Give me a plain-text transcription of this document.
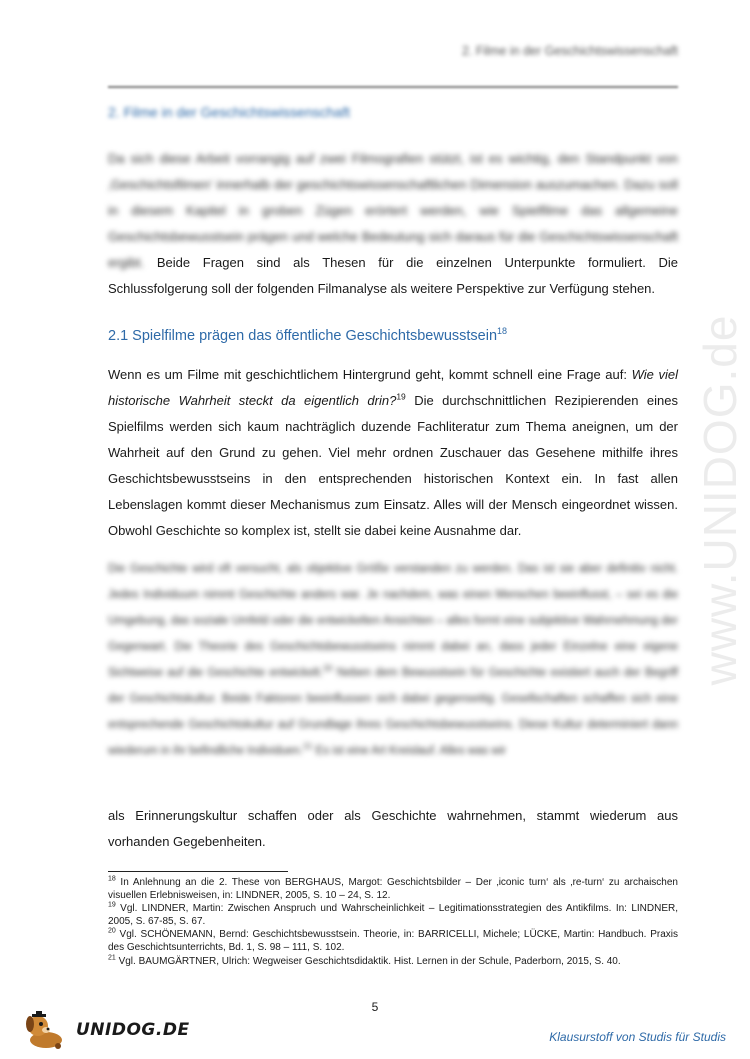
www.UNIDOG.de
2. Filme in der Geschichtswissenschaft
2. Filme in der Geschichtswissenschaft

Da sich diese Arbeit vorrangig auf zwei Filmografien stützt, ist es wichtig, den Standpunkt von ‚Geschichtsfilmen‘ innerhalb der geschichtswissenschaftlichen Dimension auszumachen. Dazu soll in diesem Kapitel in groben Zügen erörtert werden, wie Spielfilme das allgemeine Geschichtsbewusstsein prägen und welche Bedeutung sich daraus für die Geschichtswissenschaft ergibt. Beide Fragen sind als Thesen für die einzelnen Unterpunkte formuliert. Die Schlussfolgerung soll der folgenden Filmanalyse als weitere Perspektive zur Verfügung stehen.

2.1 Spielfilme prägen das öffentliche Geschichtsbewusstsein$^{18}$

Wenn es um Filme mit geschichtlichem Hintergrund geht, kommt schnell eine Frage auf: Wie viel historische Wahrheit steckt da eigentlich drin?$^{19}$ Die durchschnittlichen Rezipierenden eines Spielfilms werden sich kaum nachträglich duzende Fachliteratur zum Thema aneignen, um der Wahrheit auf den Grund zu gehen. Viel mehr ordnen Zuschauer das Gesehene mithilfe ihres Geschichtsbewusstseins in den entsprechenden historischen Kontext ein. In fast allen Lebenslagen kommt dieser Mechanismus zum Einsatz. Alles will der Mensch eingeordnet wissen. Obwohl Geschichte so komplex ist, stellt sie dabei keine Ausnahme dar.

Die Geschichte wird oft versucht, als objektive Größe verstanden zu werden. Das ist sie aber definitiv nicht. Jedes Individuum nimmt Geschichte anders war. Je nachdem, was einen Menschen beeinflusst, – sei es die Umgebung, das soziale Umfeld oder die entwickelten Ansichten – alles formt eine subjektive Wahrnehmung der Gegenwart. Die Theorie des Geschichtsbewusstseins nimmt dabei an, dass jeder Einzelne eine eigene Sichtweise auf die Geschichte entwickelt.$^{20}$ Neben dem Bewusstsein für Geschichte existiert auch der Begriff der Geschichtskultur. Beide Faktoren beeinflussen sich dabei gegenseitig. Gesellschaften schaffen sich eine entsprechende Geschichtskultur auf Grundlage ihres Geschichtsbewusstseins. Diese Kultur determiniert dann wiederum in ihr befindliche Individuen.$^{21}$ Es ist eine Art Kreislauf. Alles was wir

als Erinnerungskultur schaffen oder als Geschichte wahrnehmen, stammt wiederum aus vorhanden Gegebenheiten.

$^{18}$ In Anlehnung an die 2. These von BERGHAUS, Margot: Geschichtsbilder – Der ‚iconic turn‘ als ‚re-turn‘ zu archaischen visuellen Erlebnisweisen, in: LINDNER, 2005, S. 10 – 24, S. 12.

$^{19}$ Vgl. LINDNER, Martin: Zwischen Anspruch und Wahrscheinlichkeit – Legitimationsstrategien des Antikfilms. In: LINDNER, 2005, S. 67-85, S. 67.

$^{20}$ Vgl. SCHÖNEMANN, Bernd: Geschichtsbewusstsein. Theorie, in: BARRICELLI, Michele; LÜCKE, Martin: Handbuch. Praxis des Geschichtsunterrichts, Bd. 1, S. 98 – 111, S. 102.

$^{21}$ Vgl. BAUMGÄRTNER, Ulrich: Wegweiser Geschichtsdidaktik. Hist. Lernen in der Schule, Paderborn, 2015, S. 40.

5
UNIDOG.DE	Klausurstoff von Studis für Studis
